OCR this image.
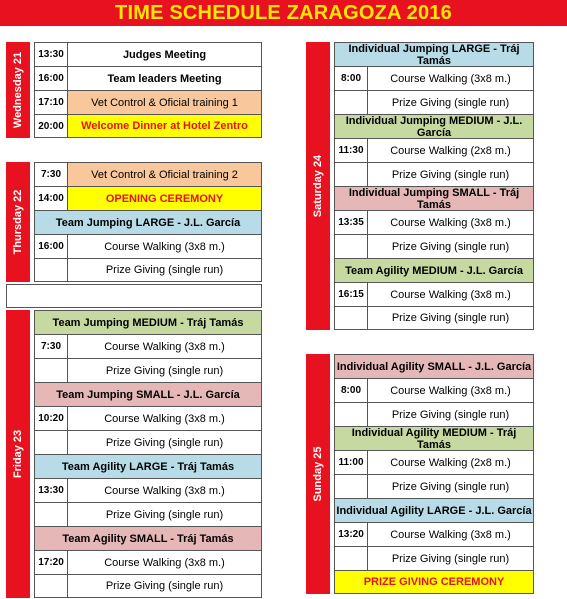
TIME SCHEDULE ZARAGOZA 2016
Wednesday 21	13:30	Judges Meeting
16:00	Team leaders Meeting
17:10	Vet Control & Oficial training 1
20:00	Welcome Dinner at Hotel Zentro
Thursday 22
7:30	Vet Control & Oficial training 2
14:00	OPENING CEREMONY
Team Jumping LARGE - J.L. García
16:00	Course Walking (3x8 m.)
Prize Giving (single run)
Friday 23
Team Jumping MEDIUM - Tráj Tamás
7:30	Course Walking (3x8 m.)
Prize Giving (single run)
Team Jumping SMALL - J.L. García
10:20	Course Walking (3x8 m.)
Prize Giving (single run)
Team Agility LARGE - Tráj Tamás
13:30	Course Walking (3x8 m.)
Prize Giving (single run)
Team Agility SMALL - Tráj Tamás
17:20	Course Walking (3x8 m.)
Prize Giving (single run)
Saturday 24
Individual Jumping LARGE - Tráj Tamás
8:00	Course Walking (3x8 m.)
Prize Giving (single run)
Individual Jumping MEDIUM - J.L. García
11:30	Course Walking (2x8 m.)
Prize Giving (single run)
Individual Jumping SMALL - Tráj Tamás
13:35	Course Walking (3x8 m.)
Prize Giving (single run)
Team Agility MEDIUM - J.L. García
16:15	Course Walking (3x8 m.)
Prize Giving (single run)
Sunday 25
Individual Agility SMALL - J.L. García
8:00	Course Walking (3x8 m.)
Prize Giving (single run)
Individual Agility MEDIUM - Tráj Tamás
11:00	Course Walking (2x8 m.)
Prize Giving (single run)
Individual Agility LARGE - J.L. García
13:20	Course Walking (3x8 m.)
Prize Giving (single run)
PRIZE GIVING CEREMONY
